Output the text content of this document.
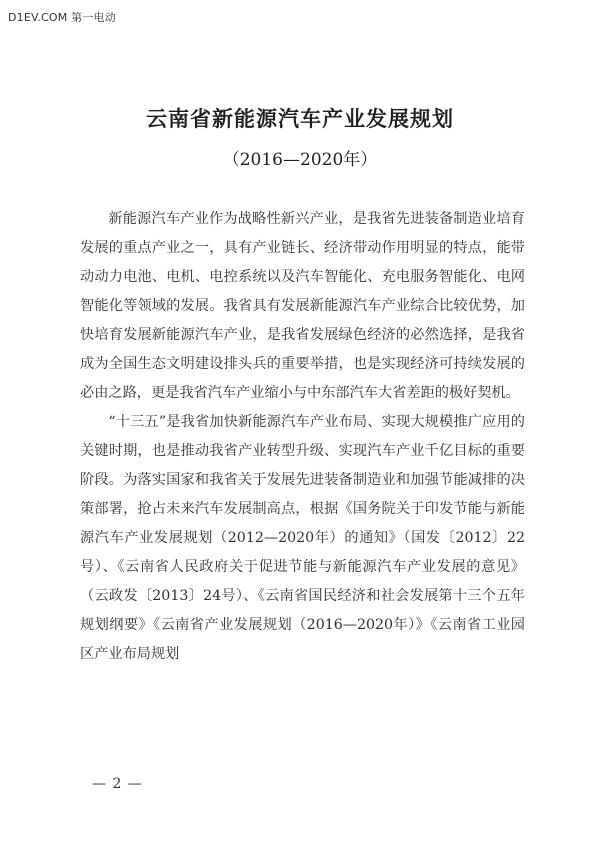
D1EV.COM 第一电动
云南省新能源汽车产业发展规划
（2016—2020年）

新能源汽车产业作为战略性新兴产业，是我省先进装备制造业培育发展的重点产业之一，具有产业链长、经济带动作用明显的特点，能带动动力电池、电机、电控系统以及汽车智能化、充电服务智能化、电网智能化等领域的发展。我省具有发展新能源汽车产业综合比较优势，加快培育发展新能源汽车产业，是我省发展绿色经济的必然选择，是我省成为全国生态文明建设排头兵的重要举措，也是实现经济可持续发展的必由之路，更是我省汽车产业缩小与中东部汽车大省差距的极好契机。

“十三五”是我省加快新能源汽车产业布局、实现大规模推广应用的关键时期，也是推动我省产业转型升级、实现汽车产业千亿目标的重要阶段。为落实国家和我省关于发展先进装备制造业和加强节能减排的决策部署，抢占未来汽车发展制高点，根据《国务院关于印发节能与新能源汽车产业发展规划（2012—2020年）的通知》（国发〔2012〕22号）、《云南省人民政府关于促进节能与新能源汽车产业发展的意见》（云政发〔2013〕24号）、《云南省国民经济和社会发展第十三个五年规划纲要》《云南省产业发展规划（2016—2020年）》《云南省工业园区产业布局规划

— 2 —
